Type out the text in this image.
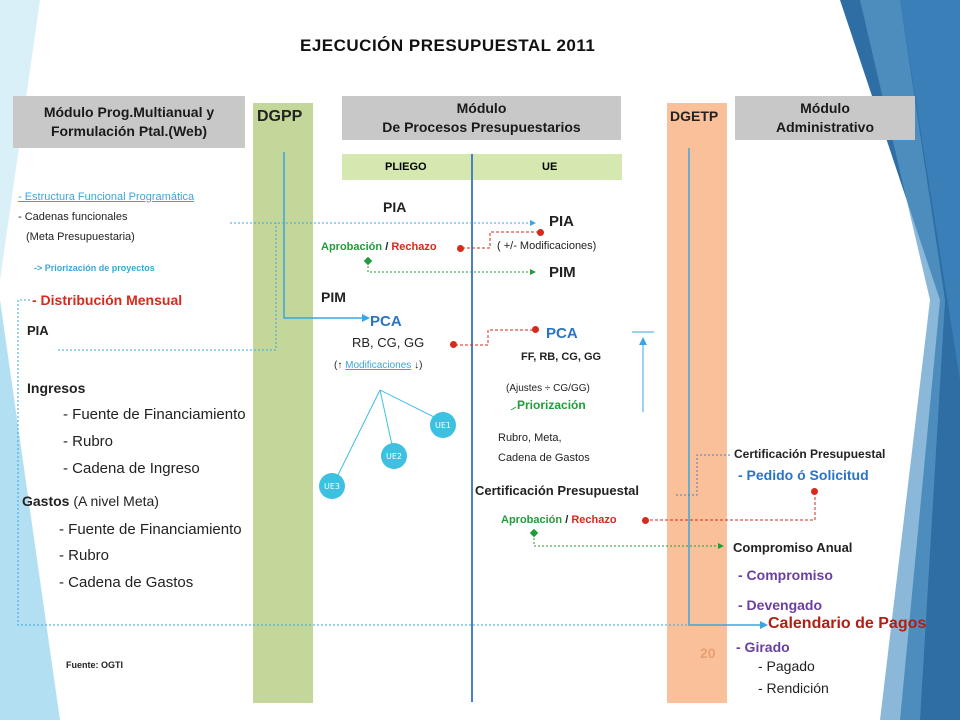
EJECUCIÓN PRESUPUESTAL 2011
Módulo Prog.Multianual y Formulación Ptal.(Web)
Módulo
De Procesos Presupuestarios
Módulo
Administrativo
DGPP	DGETP
PLIEGO	UE
- Estructura Funcional Programática
- Cadenas funcionales
(Meta Presupuestaria)
-> Priorización de proyectos
- Distribución Mensual
PIA
Ingresos
- Fuente de Financiamiento
- Rubro
- Cadena de Ingreso
Gastos (A nivel Meta)
- Fuente de Financiamiento
- Rubro
- Cadena de Gastos
Fuente: OGTI
PIA
Aprobación / Rechazo
PIA
( +/- Modificaciones)
PIM
PIM
PCA
RB, CG, GG
(↑ Modificaciones ↓)
PCA
FF, RB, CG, GG
(Ajustes ÷ CG/GG)
Priorización
Rubro, Meta,
Cadena de Gastos
Certificación Presupuestal
Aprobación / Rechazo
UE1
UE2
UE3
Certificación Presupuestal
- Pedido ó Solicitud
Compromiso Anual
- Compromiso
- Devengado
Calendario de Pagos
- Girado
- Pagado
- Rendición
20
